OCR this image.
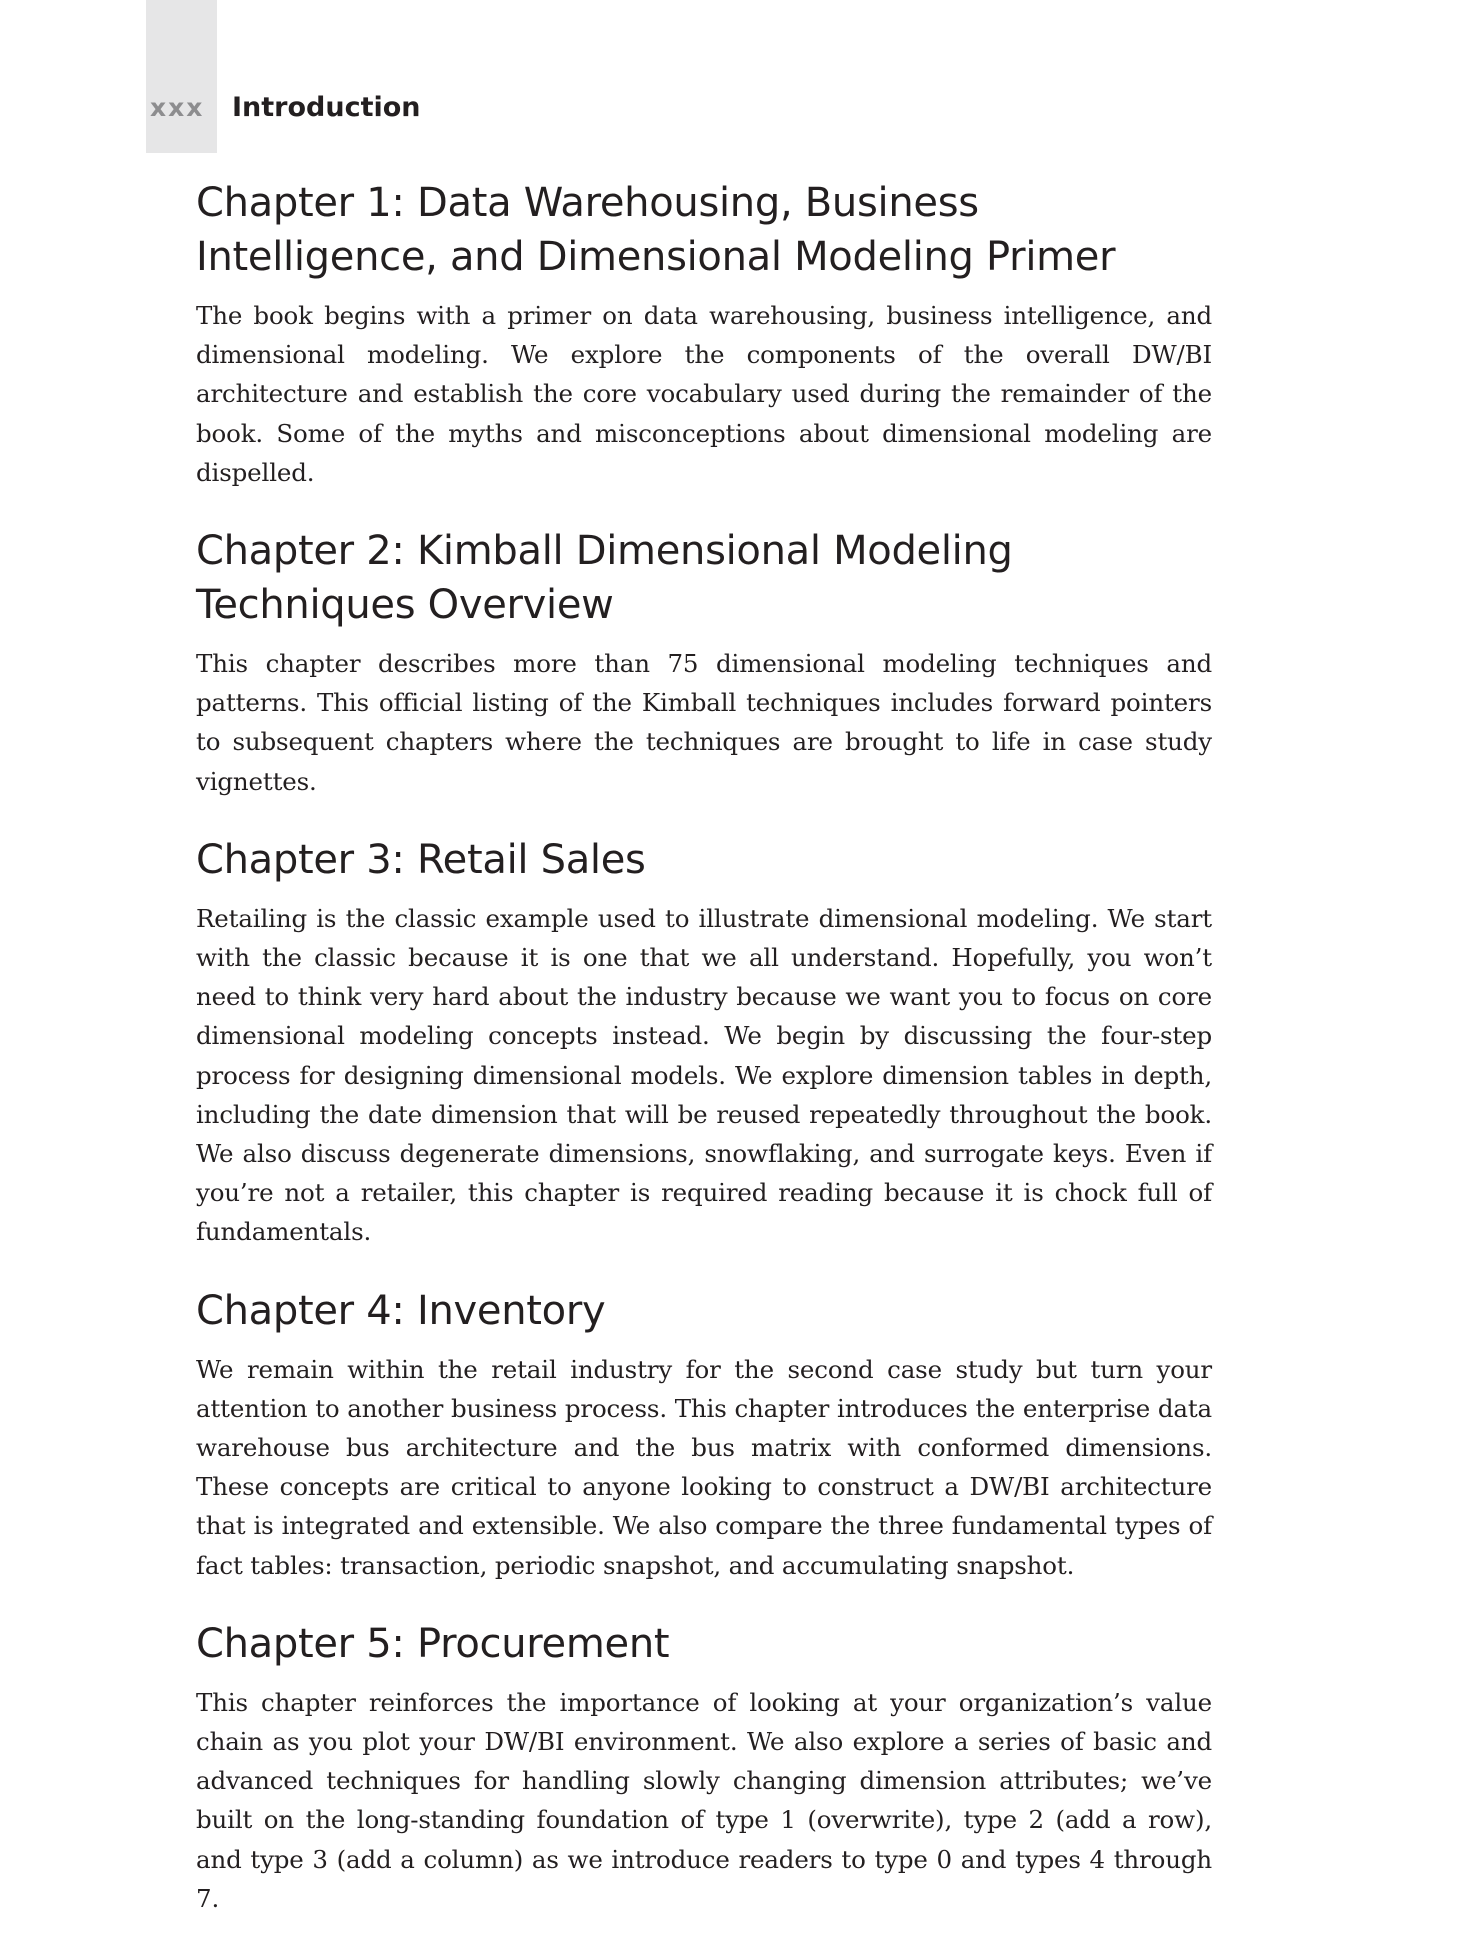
xxx	Introduction
Chapter 1: Data Warehousing, Business Intelligence, and Dimensional Modeling Primer

The book begins with a primer on data warehousing, business intelligence, and dimensional modeling. We explore the components of the overall DW/BI architecture and establish the core vocabulary used during the remainder of the book. Some of the myths and misconceptions about dimensional modeling are dispelled.

Chapter 2: Kimball Dimensional Modeling Techniques Overview

This chapter describes more than 75 dimensional modeling techniques and patterns. This official listing of the Kimball techniques includes forward pointers to subsequent chapters where the techniques are brought to life in case study vignettes.

Chapter 3: Retail Sales

Retailing is the classic example used to illustrate dimensional modeling. We start with the classic because it is one that we all understand. Hopefully, you won’t need to think very hard about the industry because we want you to focus on core dimensional modeling concepts instead. We begin by discussing the four-step process for designing dimensional models. We explore dimension tables in depth, including the date dimension that will be reused repeatedly throughout the book. We also discuss degenerate dimensions, snowflaking, and surrogate keys. Even if you’re not a retailer, this chapter is required reading because it is chock full of fundamentals.

Chapter 4: Inventory

We remain within the retail industry for the second case study but turn your attention to another business process. This chapter introduces the enterprise data warehouse bus architecture and the bus matrix with conformed dimensions. These concepts are critical to anyone looking to construct a DW/BI architecture that is integrated and extensible. We also compare the three fundamental types of fact tables: transaction, periodic snapshot, and accumulating snapshot.

Chapter 5: Procurement

This chapter reinforces the importance of looking at your organization’s value chain as you plot your DW/BI environment. We also explore a series of basic and advanced techniques for handling slowly changing dimension attributes; we’ve built on the long-standing foundation of type 1 (overwrite), type 2 (add a row), and type 3 (add a column) as we introduce readers to type 0 and types 4 through 7.
